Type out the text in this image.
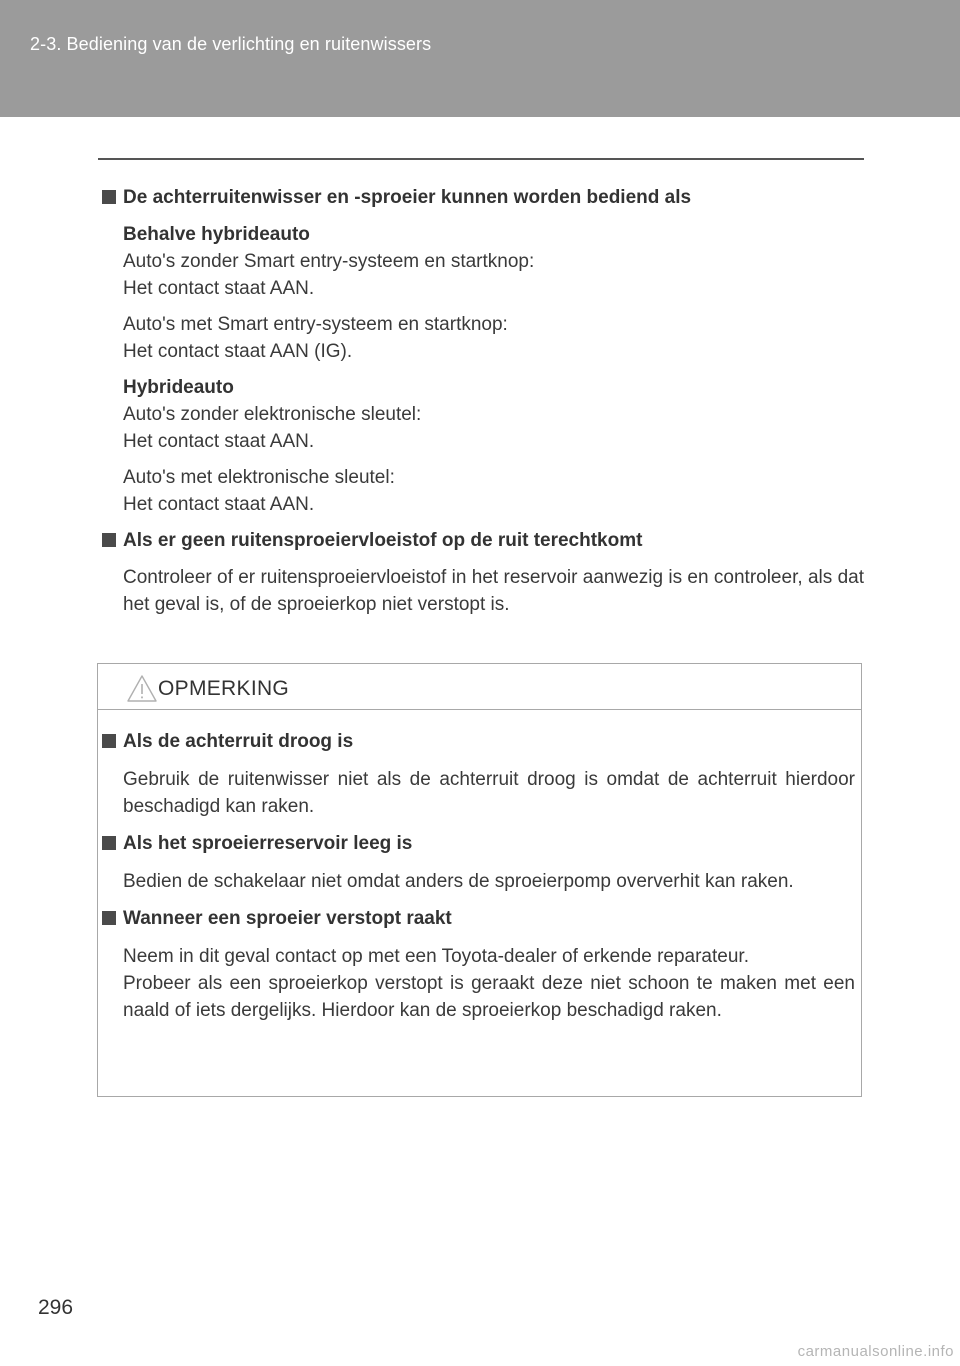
2-3. Bediening van de verlichting en ruitenwissers
De achterruitenwisser en -sproeier kunnen worden bediend als
Behalve hybrideauto
Auto's zonder Smart entry-systeem en startknop:
Het contact staat AAN.
Auto's met Smart entry-systeem en startknop:
Het contact staat AAN (IG).
Hybrideauto
Auto's zonder elektronische sleutel:
Het contact staat AAN.
Auto's met elektronische sleutel:
Het contact staat AAN.
Als er geen ruitensproeiervloeistof op de ruit terechtkomt
Controleer of er ruitensproeiervloeistof in het reservoir aanwezig is en controleer, als dat het geval is, of de sproeierkop niet verstopt is.
OPMERKING
Als de achterruit droog is
Gebruik de ruitenwisser niet als de achterruit droog is omdat de achterruit hierdoor beschadigd kan raken.
Als het sproeierreservoir leeg is
Bedien de schakelaar niet omdat anders de sproeierpomp oververhit kan raken.
Wanneer een sproeier verstopt raakt
Neem in dit geval contact op met een Toyota-dealer of erkende reparateur.
Probeer als een sproeierkop verstopt is geraakt deze niet schoon te maken met een naald of iets dergelijks. Hierdoor kan de sproeierkop beschadigd raken.
296
carmanualsonline.info
